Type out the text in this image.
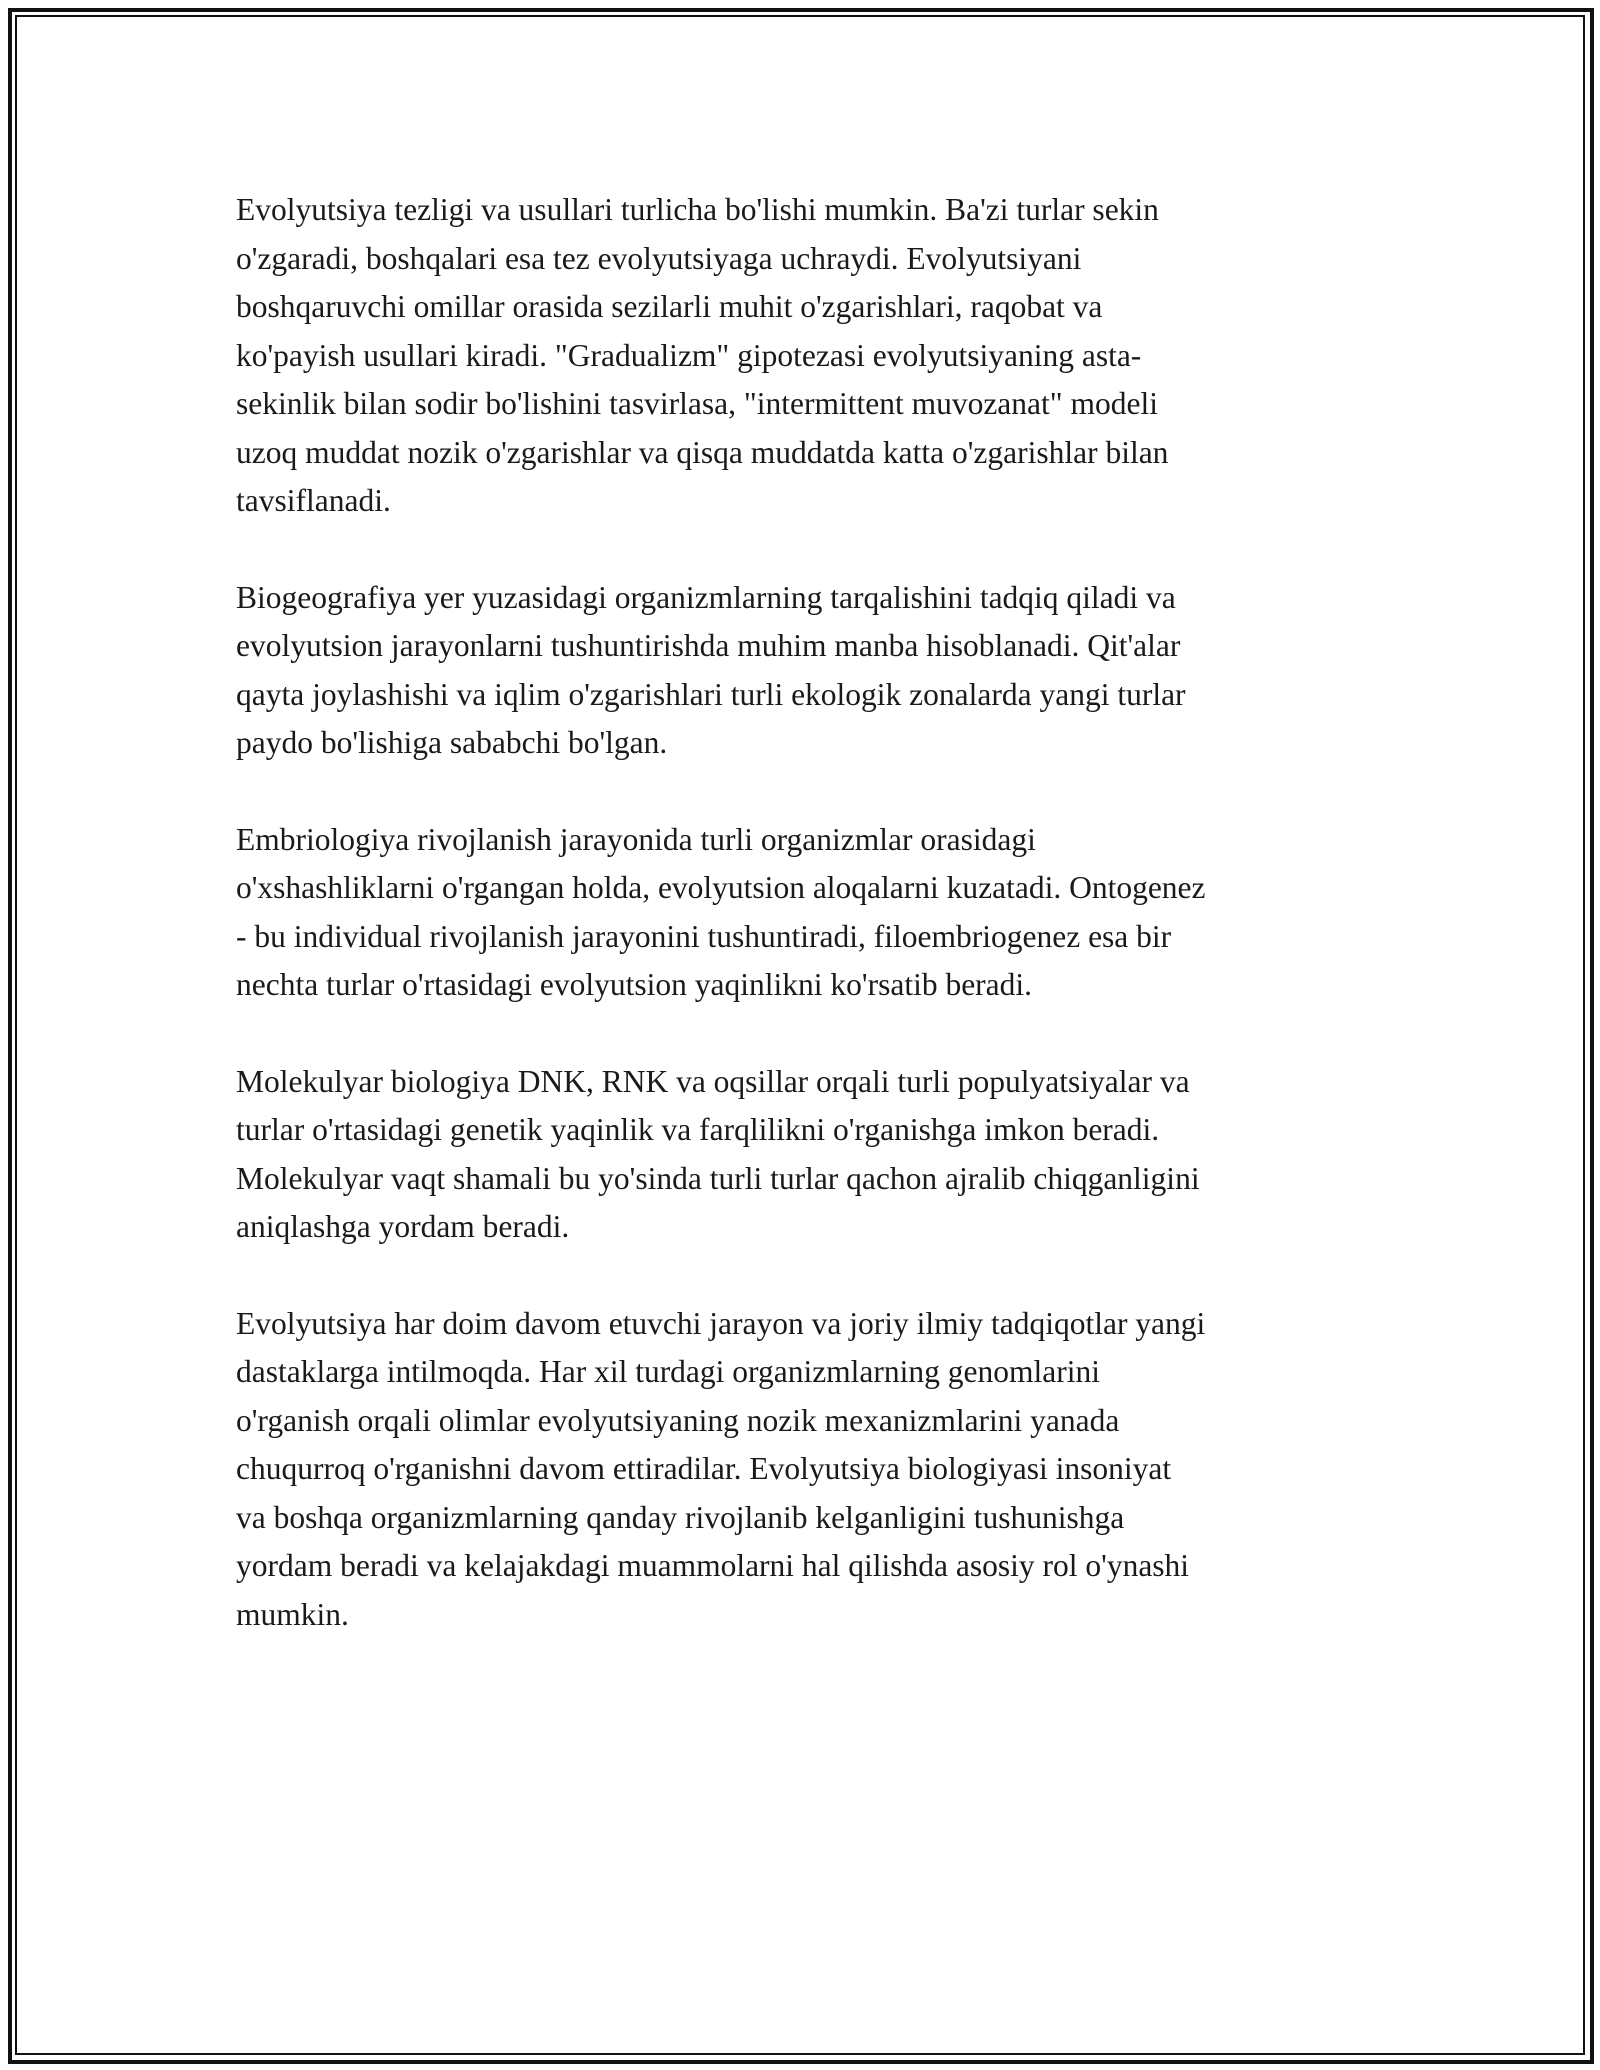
Evolyutsiya tezligi va usullari turlicha bo'lishi mumkin. Ba'zi turlar sekin
o'zgaradi, boshqalari esa tez evolyutsiyaga uchraydi. Evolyutsiyani
boshqaruvchi omillar orasida sezilarli muhit o'zgarishlari, raqobat va
ko'payish usullari kiradi. "Gradualizm" gipotezasi evolyutsiyaning asta-
sekinlik bilan sodir bo'lishini tasvirlasa, "intermittent muvozanat" modeli
uzoq muddat nozik o'zgarishlar va qisqa muddatda katta o'zgarishlar bilan
tavsiflanadi.

Biogeografiya yer yuzasidagi organizmlarning tarqalishini tadqiq qiladi va
evolyutsion jarayonlarni tushuntirishda muhim manba hisoblanadi. Qit'alar
qayta joylashishi va iqlim o'zgarishlari turli ekologik zonalarda yangi turlar
paydo bo'lishiga sababchi bo'lgan.

Embriologiya rivojlanish jarayonida turli organizmlar orasidagi
o'xshashliklarni o'rgangan holda, evolyutsion aloqalarni kuzatadi. Ontogenez
- bu individual rivojlanish jarayonini tushuntiradi, filoembriogenez esa bir
nechta turlar o'rtasidagi evolyutsion yaqinlikni ko'rsatib beradi.

Molekulyar biologiya DNK, RNK va oqsillar orqali turli populyatsiyalar va
turlar o'rtasidagi genetik yaqinlik va farqlilikni o'rganishga imkon beradi.
Molekulyar vaqt shamali bu yo'sinda turli turlar qachon ajralib chiqganligini
aniqlashga yordam beradi.

Evolyutsiya har doim davom etuvchi jarayon va joriy ilmiy tadqiqotlar yangi
dastaklarga intilmoqda. Har xil turdagi organizmlarning genomlarini
o'rganish orqali olimlar evolyutsiyaning nozik mexanizmlarini yanada
chuqurroq o'rganishni davom ettiradilar. Evolyutsiya biologiyasi insoniyat
va boshqa organizmlarning qanday rivojlanib kelganligini tushunishga
yordam beradi va kelajakdagi muammolarni hal qilishda asosiy rol o'ynashi
mumkin.
